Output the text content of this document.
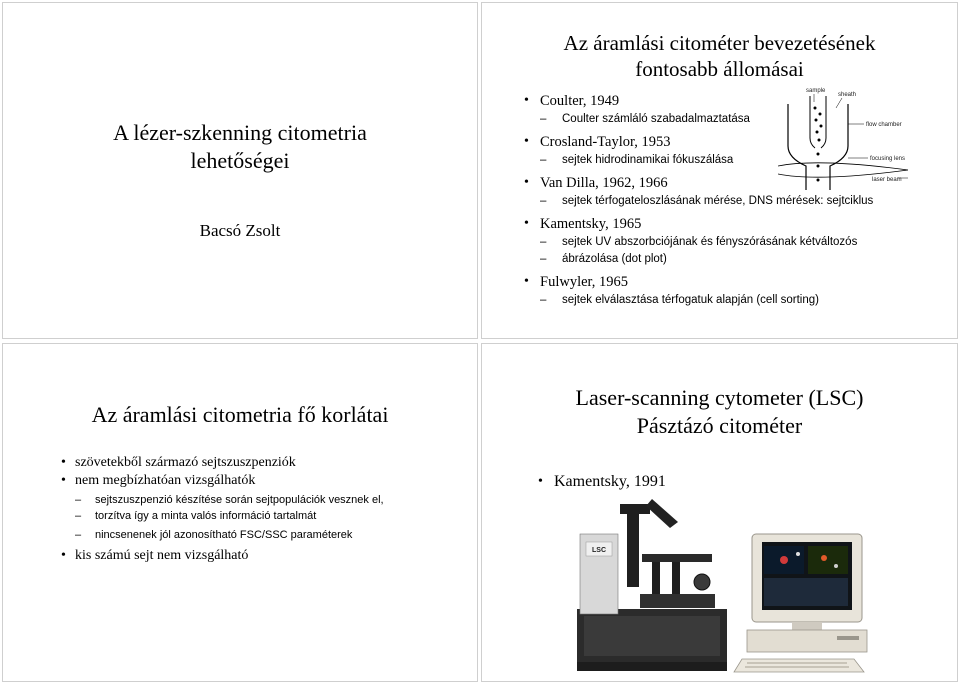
A lézer-szkenning citometria
lehetőségei
Bacsó Zsolt
Az áramlási citométer bevezetésének
fontosabb állomásai
• Coulter, 1949
– Coulter számláló szabadalmaztatása
• Crosland-Taylor, 1953
– sejtek hidrodinamikai fókuszálása
• Van Dilla, 1962, 1966
– sejtek térfogateloszlásának mérése, DNS mérések: sejtciklus
• Kamentsky, 1965
– sejtek UV abszorbciójának és fényszórásának kétváltozós
– ábrázolása (dot plot)
• Fulwyler, 1965
– sejtek elválasztása térfogatuk alapján (cell sorting)
sample
sheath
flow chamber
focusing lens
laser beam
Az áramlási citometria fő korlátai
• szövetekből származó sejtszuszpenziók
• nem megbízhatóan vizsgálhatók
– sejtszuszpenzió készítése során sejtpopulációk vesznek el,
– torzítva így a minta valós információ tartalmát
– nincsenenek jól azonosítható FSC/SSC paraméterek
• kis számú sejt nem vizsgálható
Laser-scanning cytometer (LSC)
Pásztázó citométer
• Kamentsky, 1991
LSC
